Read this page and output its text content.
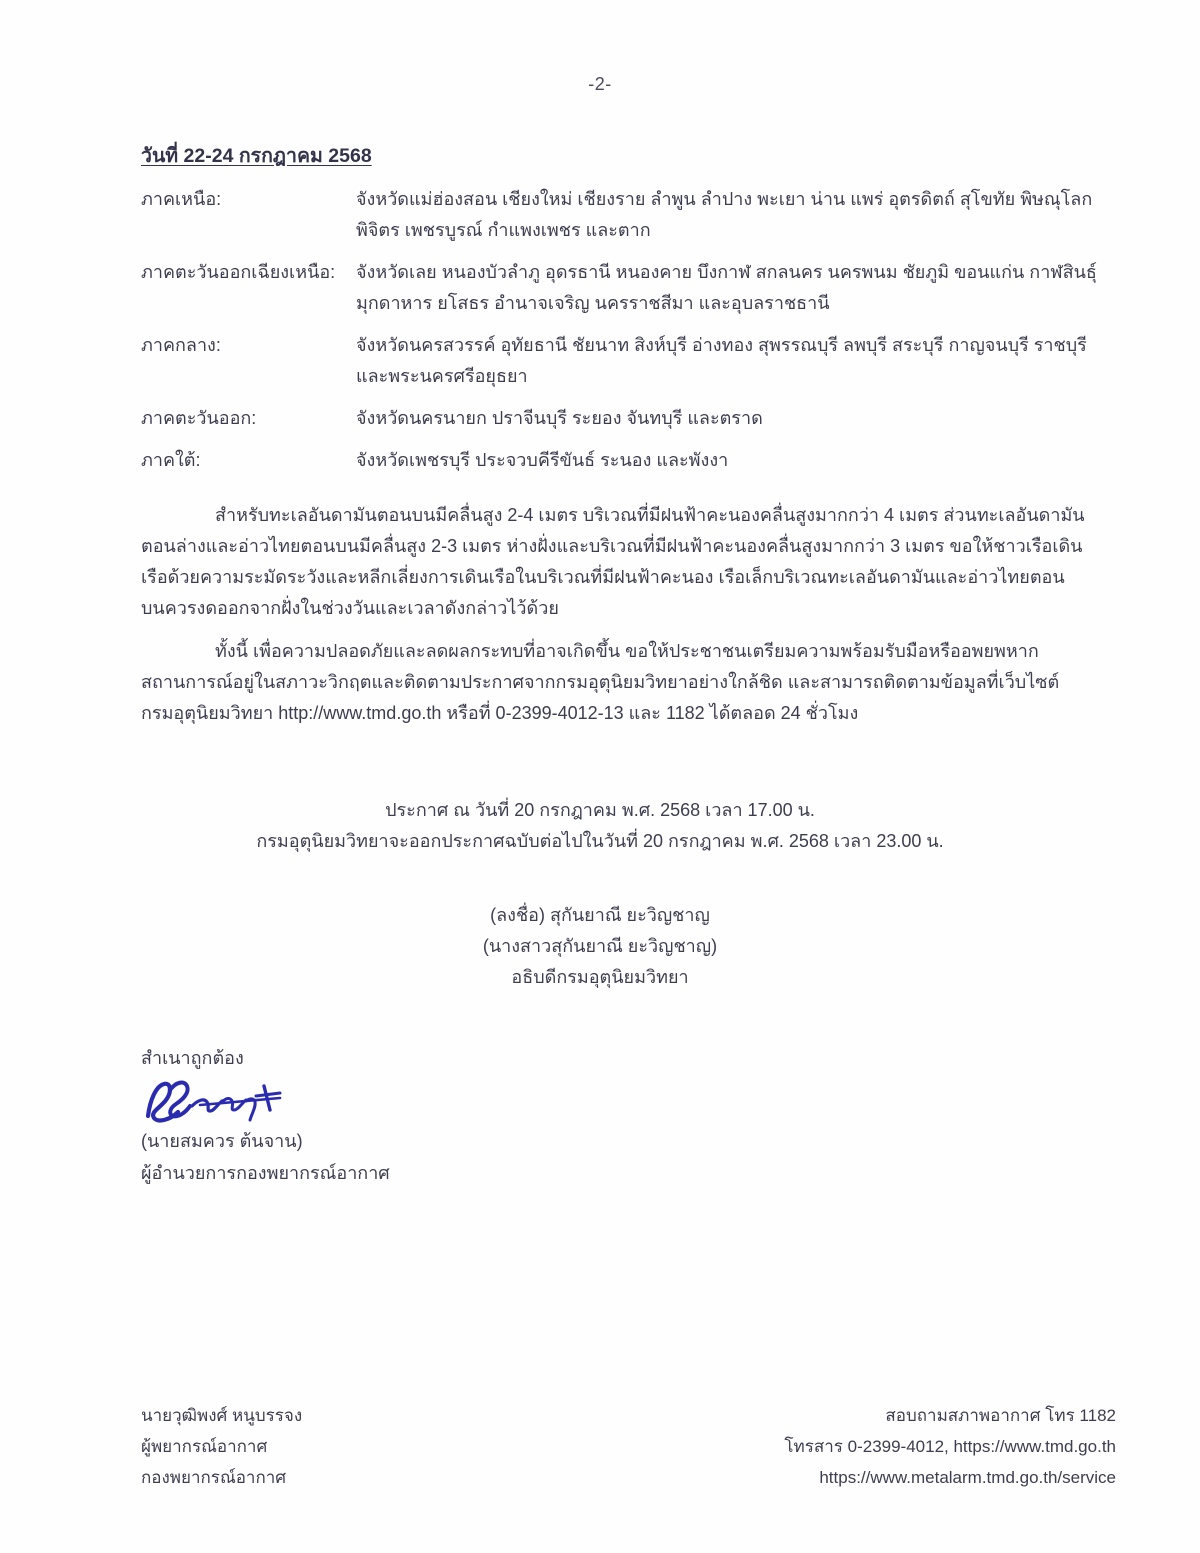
-2-
วันที่ 22-24 กรกฎาคม 2568
ภาคเหนือ:	จังหวัดแม่ฮ่องสอน เชียงใหม่ เชียงราย ลำพูน ลำปาง พะเยา น่าน แพร่ อุตรดิตถ์ สุโขทัย พิษณุโลก
พิจิตร เพชรบูรณ์ กำแพงเพชร และตาก
ภาคตะวันออกเฉียงเหนือ:	จังหวัดเลย หนองบัวลำภู อุดรธานี หนองคาย บึงกาฬ สกลนคร นครพนม ชัยภูมิ ขอนแก่น กาฬสินธุ์
มุกดาหาร ยโสธร อำนาจเจริญ นครราชสีมา และอุบลราชธานี
ภาคกลาง:	จังหวัดนครสวรรค์ อุทัยธานี ชัยนาท สิงห์บุรี อ่างทอง สุพรรณบุรี ลพบุรี สระบุรี กาญจนบุรี ราชบุรี
และพระนครศรีอยุธยา
ภาคตะวันออก:	จังหวัดนครนายก ปราจีนบุรี ระยอง จันทบุรี และตราด
ภาคใต้:	จังหวัดเพชรบุรี ประจวบคีรีขันธ์ ระนอง และพังงา
สำหรับทะเลอันดามันตอนบนมีคลื่นสูง 2-4 เมตร บริเวณที่มีฝนฟ้าคะนองคลื่นสูงมากกว่า 4 เมตร ส่วนทะเลอันดามันตอนล่างและอ่าวไทยตอนบนมีคลื่นสูง 2-3 เมตร ห่างฝั่งและบริเวณที่มีฝนฟ้าคะนองคลื่นสูงมากกว่า 3 เมตร ขอให้ชาวเรือเดินเรือด้วยความระมัดระวังและหลีกเลี่ยงการเดินเรือในบริเวณที่มีฝนฟ้าคะนอง เรือเล็กบริเวณทะเลอันดามันและอ่าวไทยตอนบนควรงดออกจากฝั่งในช่วงวันและเวลาดังกล่าวไว้ด้วย
ทั้งนี้ เพื่อความปลอดภัยและลดผลกระทบที่อาจเกิดขึ้น ขอให้ประชาชนเตรียมความพร้อมรับมือหรืออพยพหากสถานการณ์อยู่ในสภาวะวิกฤตและติดตามประกาศจากกรมอุตุนิยมวิทยาอย่างใกล้ชิด และสามารถติดตามข้อมูลที่เว็บไซต์กรมอุตุนิยมวิทยา http://www.tmd.go.th หรือที่ 0-2399-4012-13 และ 1182 ได้ตลอด 24 ชั่วโมง
ประกาศ ณ วันที่ 20 กรกฎาคม พ.ศ. 2568 เวลา 17.00 น.
กรมอุตุนิยมวิทยาจะออกประกาศฉบับต่อไปในวันที่ 20 กรกฎาคม พ.ศ. 2568 เวลา 23.00 น.
(ลงชื่อ) สุกันยาณี ยะวิญชาญ
(นางสาวสุกันยาณี ยะวิญชาญ)
อธิบดีกรมอุตุนิยมวิทยา
สำเนาถูกต้อง
(นายสมควร ต้นจาน)
ผู้อำนวยการกองพยากรณ์อากาศ
นายวุฒิพงศ์ หนูบรรจง
ผู้พยากรณ์อากาศ
กองพยากรณ์อากาศ
สอบถามสภาพอากาศ โทร 1182
โทรสาร 0-2399-4012, https://www.tmd.go.th
https://www.metalarm.tmd.go.th/service
